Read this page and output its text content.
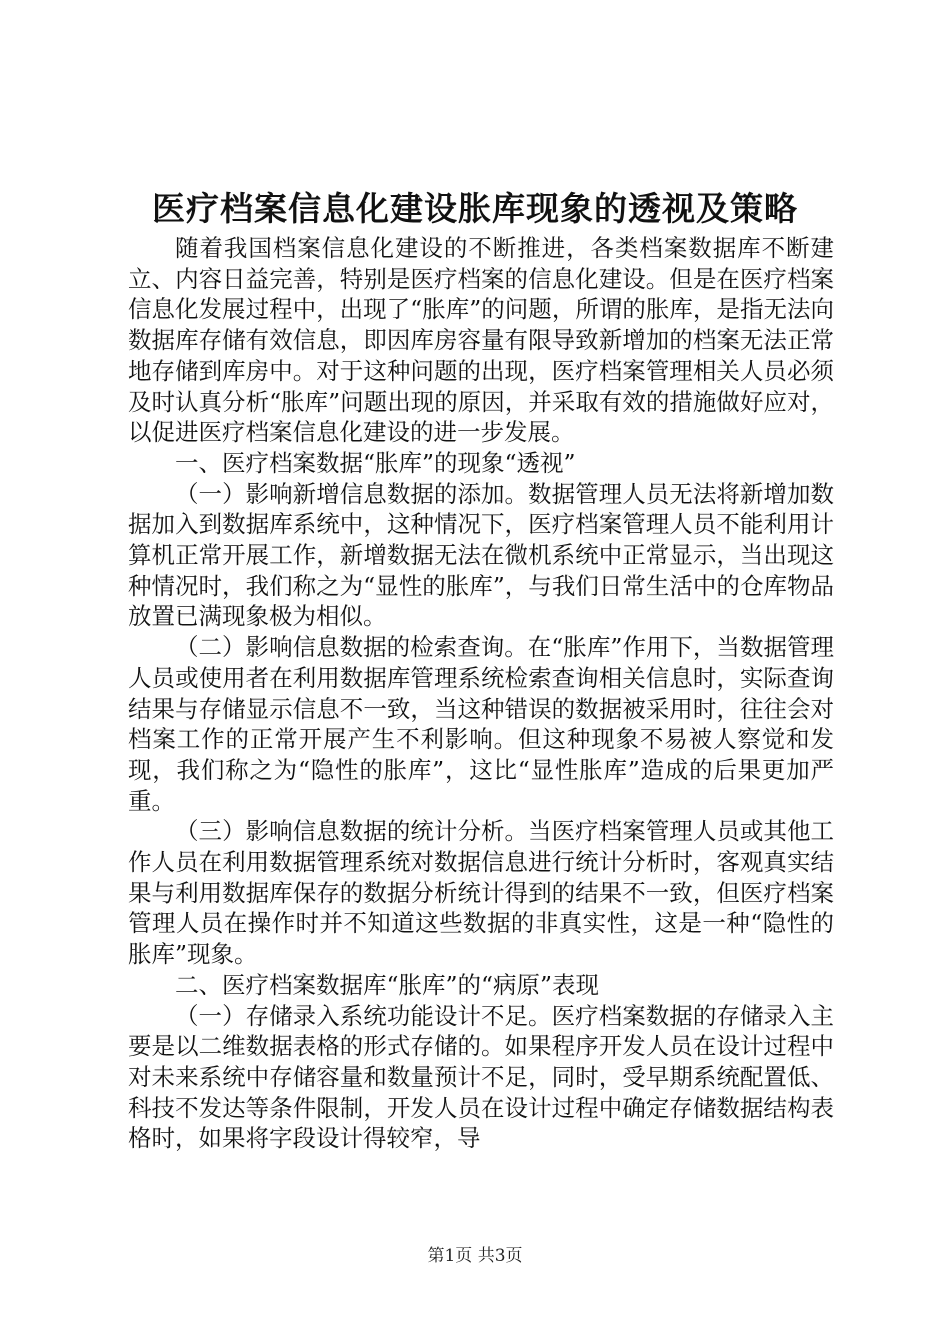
医疗档案信息化建设胀库现象的透视及策略

随着我国档案信息化建设的不断推进，各类档案数据库不断建立、内容日益完善，特别是医疗档案的信息化建设。但是在医疗档案信息化发展过程中，出现了“胀库”的问题，所谓的胀库，是指无法向数据库存储有效信息，即因库房容量有限导致新增加的档案无法正常地存储到库房中。对于这种问题的出现，医疗档案管理相关人员必须及时认真分析“胀库”问题出现的原因，并采取有效的措施做好应对，以促进医疗档案信息化建设的进一步发展。

一、医疗档案数据“胀库”的现象“透视”

（一）影响新增信息数据的添加。数据管理人员无法将新增加数据加入到数据库系统中，这种情况下，医疗档案管理人员不能利用计算机正常开展工作，新增数据无法在微机系统中正常显示，当出现这种情况时，我们称之为“显性的胀库”，与我们日常生活中的仓库物品放置已满现象极为相似。

（二）影响信息数据的检索查询。在“胀库”作用下，当数据管理人员或使用者在利用数据库管理系统检索查询相关信息时，实际查询结果与存储显示信息不一致，当这种错误的数据被采用时，往往会对档案工作的正常开展产生不利影响。但这种现象不易被人察觉和发现，我们称之为“隐性的胀库”，这比“显性胀库”造成的后果更加严重。

（三）影响信息数据的统计分析。当医疗档案管理人员或其他工作人员在利用数据管理系统对数据信息进行统计分析时，客观真实结果与利用数据库保存的数据分析统计得到的结果不一致，但医疗档案管理人员在操作时并不知道这些数据的非真实性，这是一种“隐性的胀库”现象。

二、医疗档案数据库“胀库”的“病原”表现

（一）存储录入系统功能设计不足。医疗档案数据的存储录入主要是以二维数据表格的形式存储的。如果程序开发人员在设计过程中对未来系统中存储容量和数量预计不足，同时，受早期系统配置低、科技不发达等条件限制，开发人员在设计过程中确定存储数据结构表格时，如果将字段设计得较窄，导

第1页 共3页
